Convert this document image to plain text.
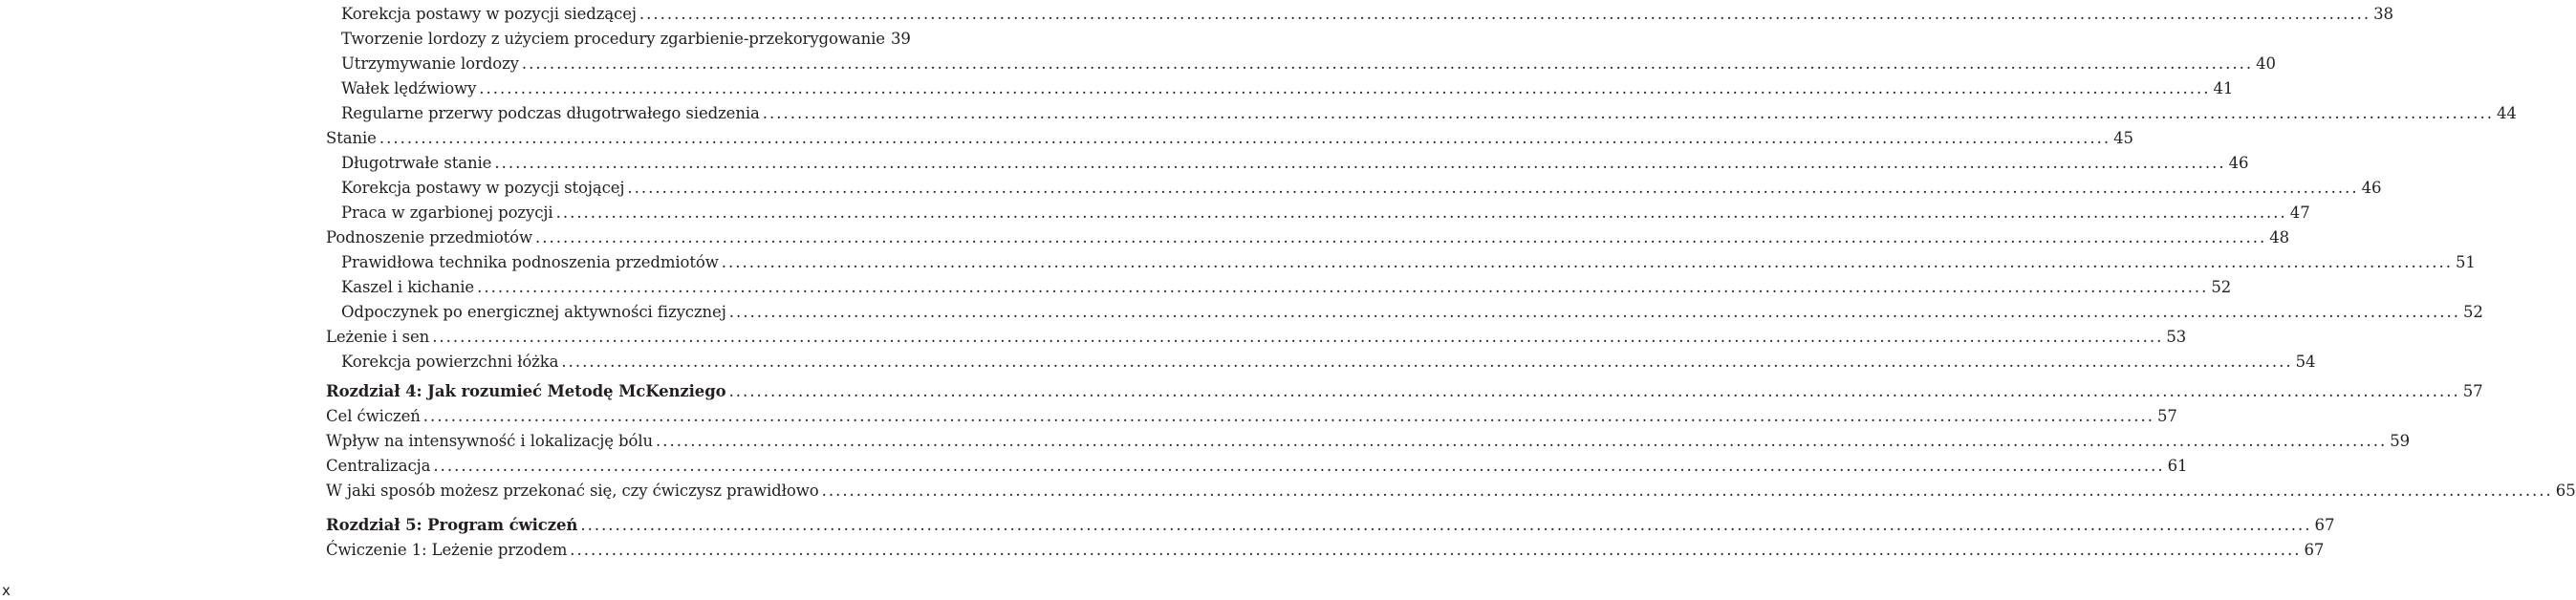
Korekcja postawy w pozycji siedzącej .......................................................................................................................................................................................................................................................... 38
Tworzenie lordozy z użyciem procedury zgarbienie-przekorygowanie 39
Utrzymywanie lordozy .......................................................................................................................................................................................................................................................... 40
Wałek lędźwiowy .......................................................................................................................................................................................................................................................... 41
Regularne przerwy podczas długotrwałego siedzenia .......................................................................................................................................................................................................................................................... 44
Stanie .......................................................................................................................................................................................................................................................... 45
Długotrwałe stanie .......................................................................................................................................................................................................................................................... 46
Korekcja postawy w pozycji stojącej .......................................................................................................................................................................................................................................................... 46
Praca w zgarbionej pozycji .......................................................................................................................................................................................................................................................... 47
Podnoszenie przedmiotów .......................................................................................................................................................................................................................................................... 48
Prawidłowa technika podnoszenia przedmiotów .......................................................................................................................................................................................................................................................... 51
Kaszel i kichanie .......................................................................................................................................................................................................................................................... 52
Odpoczynek po energicznej aktywności fizycznej .......................................................................................................................................................................................................................................................... 52
Leżenie i sen .......................................................................................................................................................................................................................................................... 53
Korekcja powierzchni łóżka .......................................................................................................................................................................................................................................................... 54
Rozdział 4: Jak rozumieć Metodę McKenziego .......................................................................................................................................................................................................................................................... 57
Cel ćwiczeń .......................................................................................................................................................................................................................................................... 57
Wpływ na intensywność i lokalizację bólu .......................................................................................................................................................................................................................................................... 59
Centralizacja .......................................................................................................................................................................................................................................................... 61
W jaki sposób możesz przekonać się, czy ćwiczysz prawidłowo .......................................................................................................................................................................................................................................................... 65
Rozdział 5: Program ćwiczeń .......................................................................................................................................................................................................................................................... 67
Ćwiczenie 1: Leżenie przodem .......................................................................................................................................................................................................................................................... 67
x
